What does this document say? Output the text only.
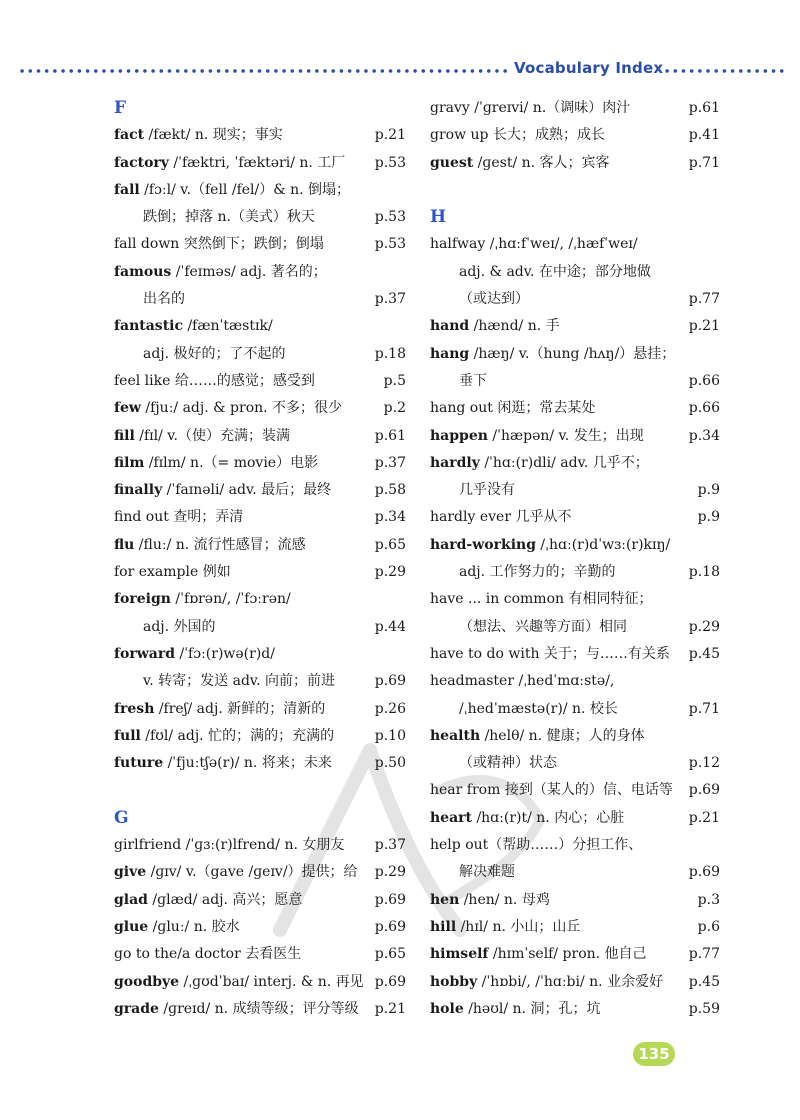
Vocabulary Index
F
fact /fækt/ n. 现实；事实	p.21
factory /ˈfæktri, ˈfæktəri/ n. 工厂 p.53
fall /fɔːl/ v.（fell /fel/）& n. 倒塌；
跌倒；掉落 n.（美式）秋天	p.53
fall down 突然倒下；跌倒；倒塌	p.53
famous /ˈfeɪməs/ adj. 著名的；
出名的	p.37
fantastic /fænˈtæstɪk/
adj. 极好的；了不起的	p.18
feel like 给……的感觉；感受到	p.5
few /fjuː/ adj. & pron. 不多；很少	p.2
fill /fɪl/ v.（使）充满；装满	p.61
film /fɪlm/ n.（= movie）电影	p.37
finally /ˈfaɪnəli/ adv. 最后；最终	p.58
find out 查明；弄清	p.34
flu /fluː/ n. 流行性感冒；流感	p.65
for example 例如	p.29
foreign /ˈfɒrən/, /ˈfɔːrən/
adj. 外国的	p.44
forward /ˈfɔː(r)wə(r)d/
v. 转寄；发送 adv. 向前；前进	p.69
fresh /freʃ/ adj. 新鲜的；清新的	p.26
full /fʊl/ adj. 忙的；满的；充满的	p.10
future /ˈfjuːtʃə(r)/ n. 将来；未来	p.50
G
girlfriend /ˈɡɜː(r)lfrend/ n. 女朋友 p.37
give /ɡɪv/ v.（gave /ɡeɪv/）提供；给 p.29
glad /ɡlæd/ adj. 高兴；愿意	p.69
glue /ɡluː/ n. 胶水	p.69
go to the/a doctor 去看医生	p.65
goodbye /ˌɡʊdˈbaɪ/ interj. & n. 再见 p.69
grade /ɡreɪd/ n. 成绩等级；评分等级 p.21
gravy /ˈɡreɪvi/ n.（调味）肉汁	p.61
grow up 长大；成熟；成长	p.41
guest /ɡest/ n. 客人；宾客	p.71
H
halfway /ˌhɑːfˈweɪ/, /ˌhæfˈweɪ/
adj. & adv. 在中途；部分地做
（或达到）	p.77
hand /hænd/ n. 手	p.21
hang /hæŋ/ v.（hung /hʌŋ/）悬挂；
垂下	p.66
hang out 闲逛；常去某处	p.66
happen /ˈhæpən/ v. 发生；出现	p.34
hardly /ˈhɑː(r)dli/ adv. 几乎不；
几乎没有	p.9
hardly ever 几乎从不	p.9
hard-working /ˌhɑː(r)dˈwɜː(r)kɪŋ/
adj. 工作努力的；辛勤的	p.18
have ... in common 有相同特征；
（想法、兴趣等方面）相同	p.29
have to do with 关于；与……有关系 p.45
headmaster /ˌhedˈmɑːstə/,
/ˌhedˈmæstə(r)/ n. 校长	p.71
health /helθ/ n. 健康；人的身体
（或精神）状态	p.12
hear from 接到（某人的）信、电话等 p.69
heart /hɑː(r)t/ n. 内心；心脏	p.21
help out（帮助……）分担工作、
解决难题	p.69
hen /hen/ n. 母鸡	p.3
hill /hɪl/ n. 小山；山丘	p.6
himself /hɪmˈself/ pron. 他自己	p.77
hobby /ˈhɒbi/, /ˈhɑːbi/ n. 业余爱好 p.45
hole /həʊl/ n. 洞；孔；坑	p.59
135
